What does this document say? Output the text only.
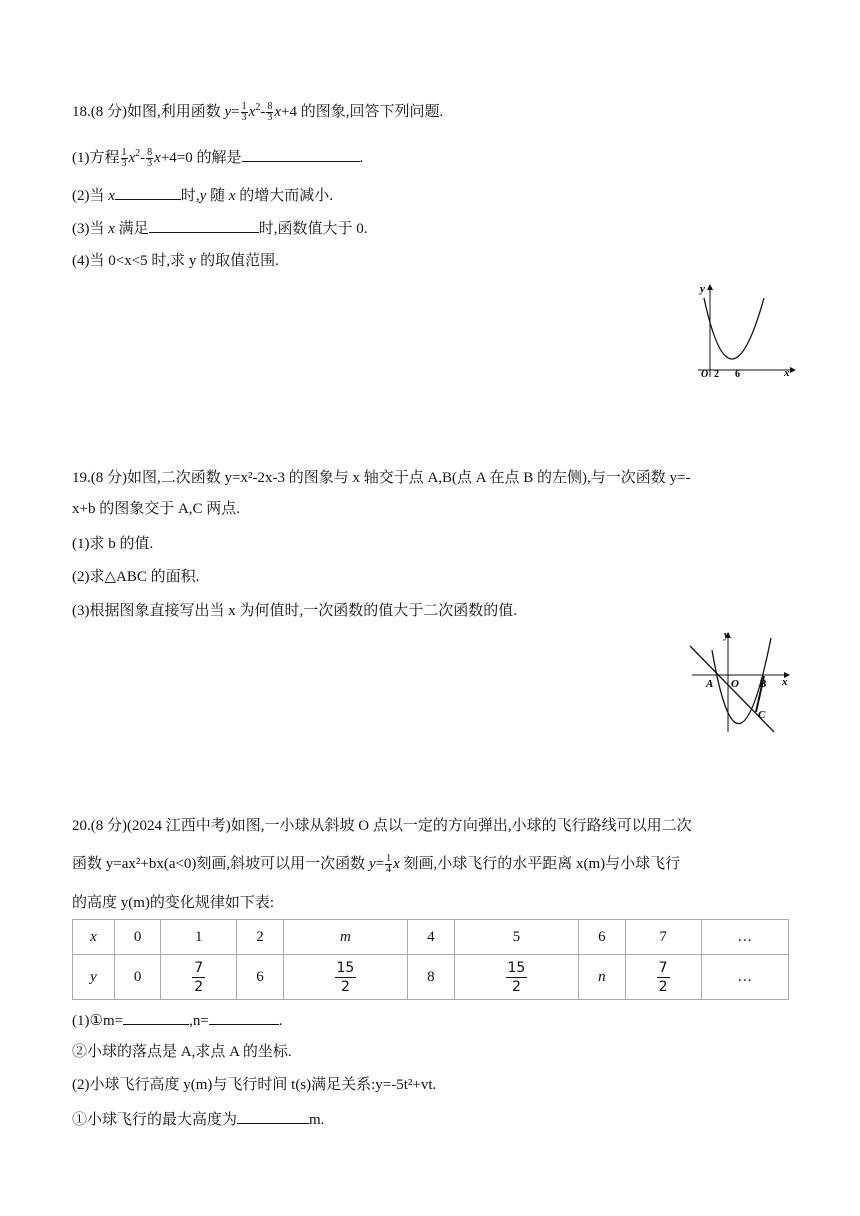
18.(8 分)如图,利用函数 $y= \frac{1}{3} x^2- \frac{8}{3} x+4$ 的图象,回答下列问题.
(1)方程 $\frac{1}{3} x^2- \frac{8}{3} x+4=0$ 的解是	.
(2)当 x	时,y 随 x 的增大而减小.
(3)当 x 满足	时,函数值大于 0.
(4)当 0<x<5 时,求 y 的取值范围.
y
x
O 2 6
19.(8 分)如图,二次函数 y=x²-2x-3 的图象与 x 轴交于点 A,B(点 A 在点 B 的左侧),与一次函数 y=-
x+b 的图象交于 A,C 两点.
(1)求 b 的值.
(2)求△ABC 的面积.
(3)根据图象直接写出当 x 为何值时,一次函数的值大于二次函数的值.
y
x
A O B
C
20.(8 分)(2024 江西中考)如图,一小球从斜坡 O 点以一定的方向弹出,小球的飞行路线可以用二次
函数 y=ax²+bx(a<0)刻画,斜坡可以用一次函数 $y= \frac{1}{4}$ x 刻画,小球飞行的水平距离 x(m)与小球飞行
的高度 y(m)的变化规律如下表:
x	0	1	2	m	4	5	6	7	…
y	0	$\frac{7}{2}$	6	$\frac{15}{2}$	8	$\frac{15}{2}$	n	$\frac{7}{2}$	…
(1)①m=	,n=	.
②小球的落点是 A,求点 A 的坐标.
(2)小球飞行高度 y(m)与飞行时间 t(s)满足关系:y=-5t²+vt.
①小球飞行的最大高度为	m.
